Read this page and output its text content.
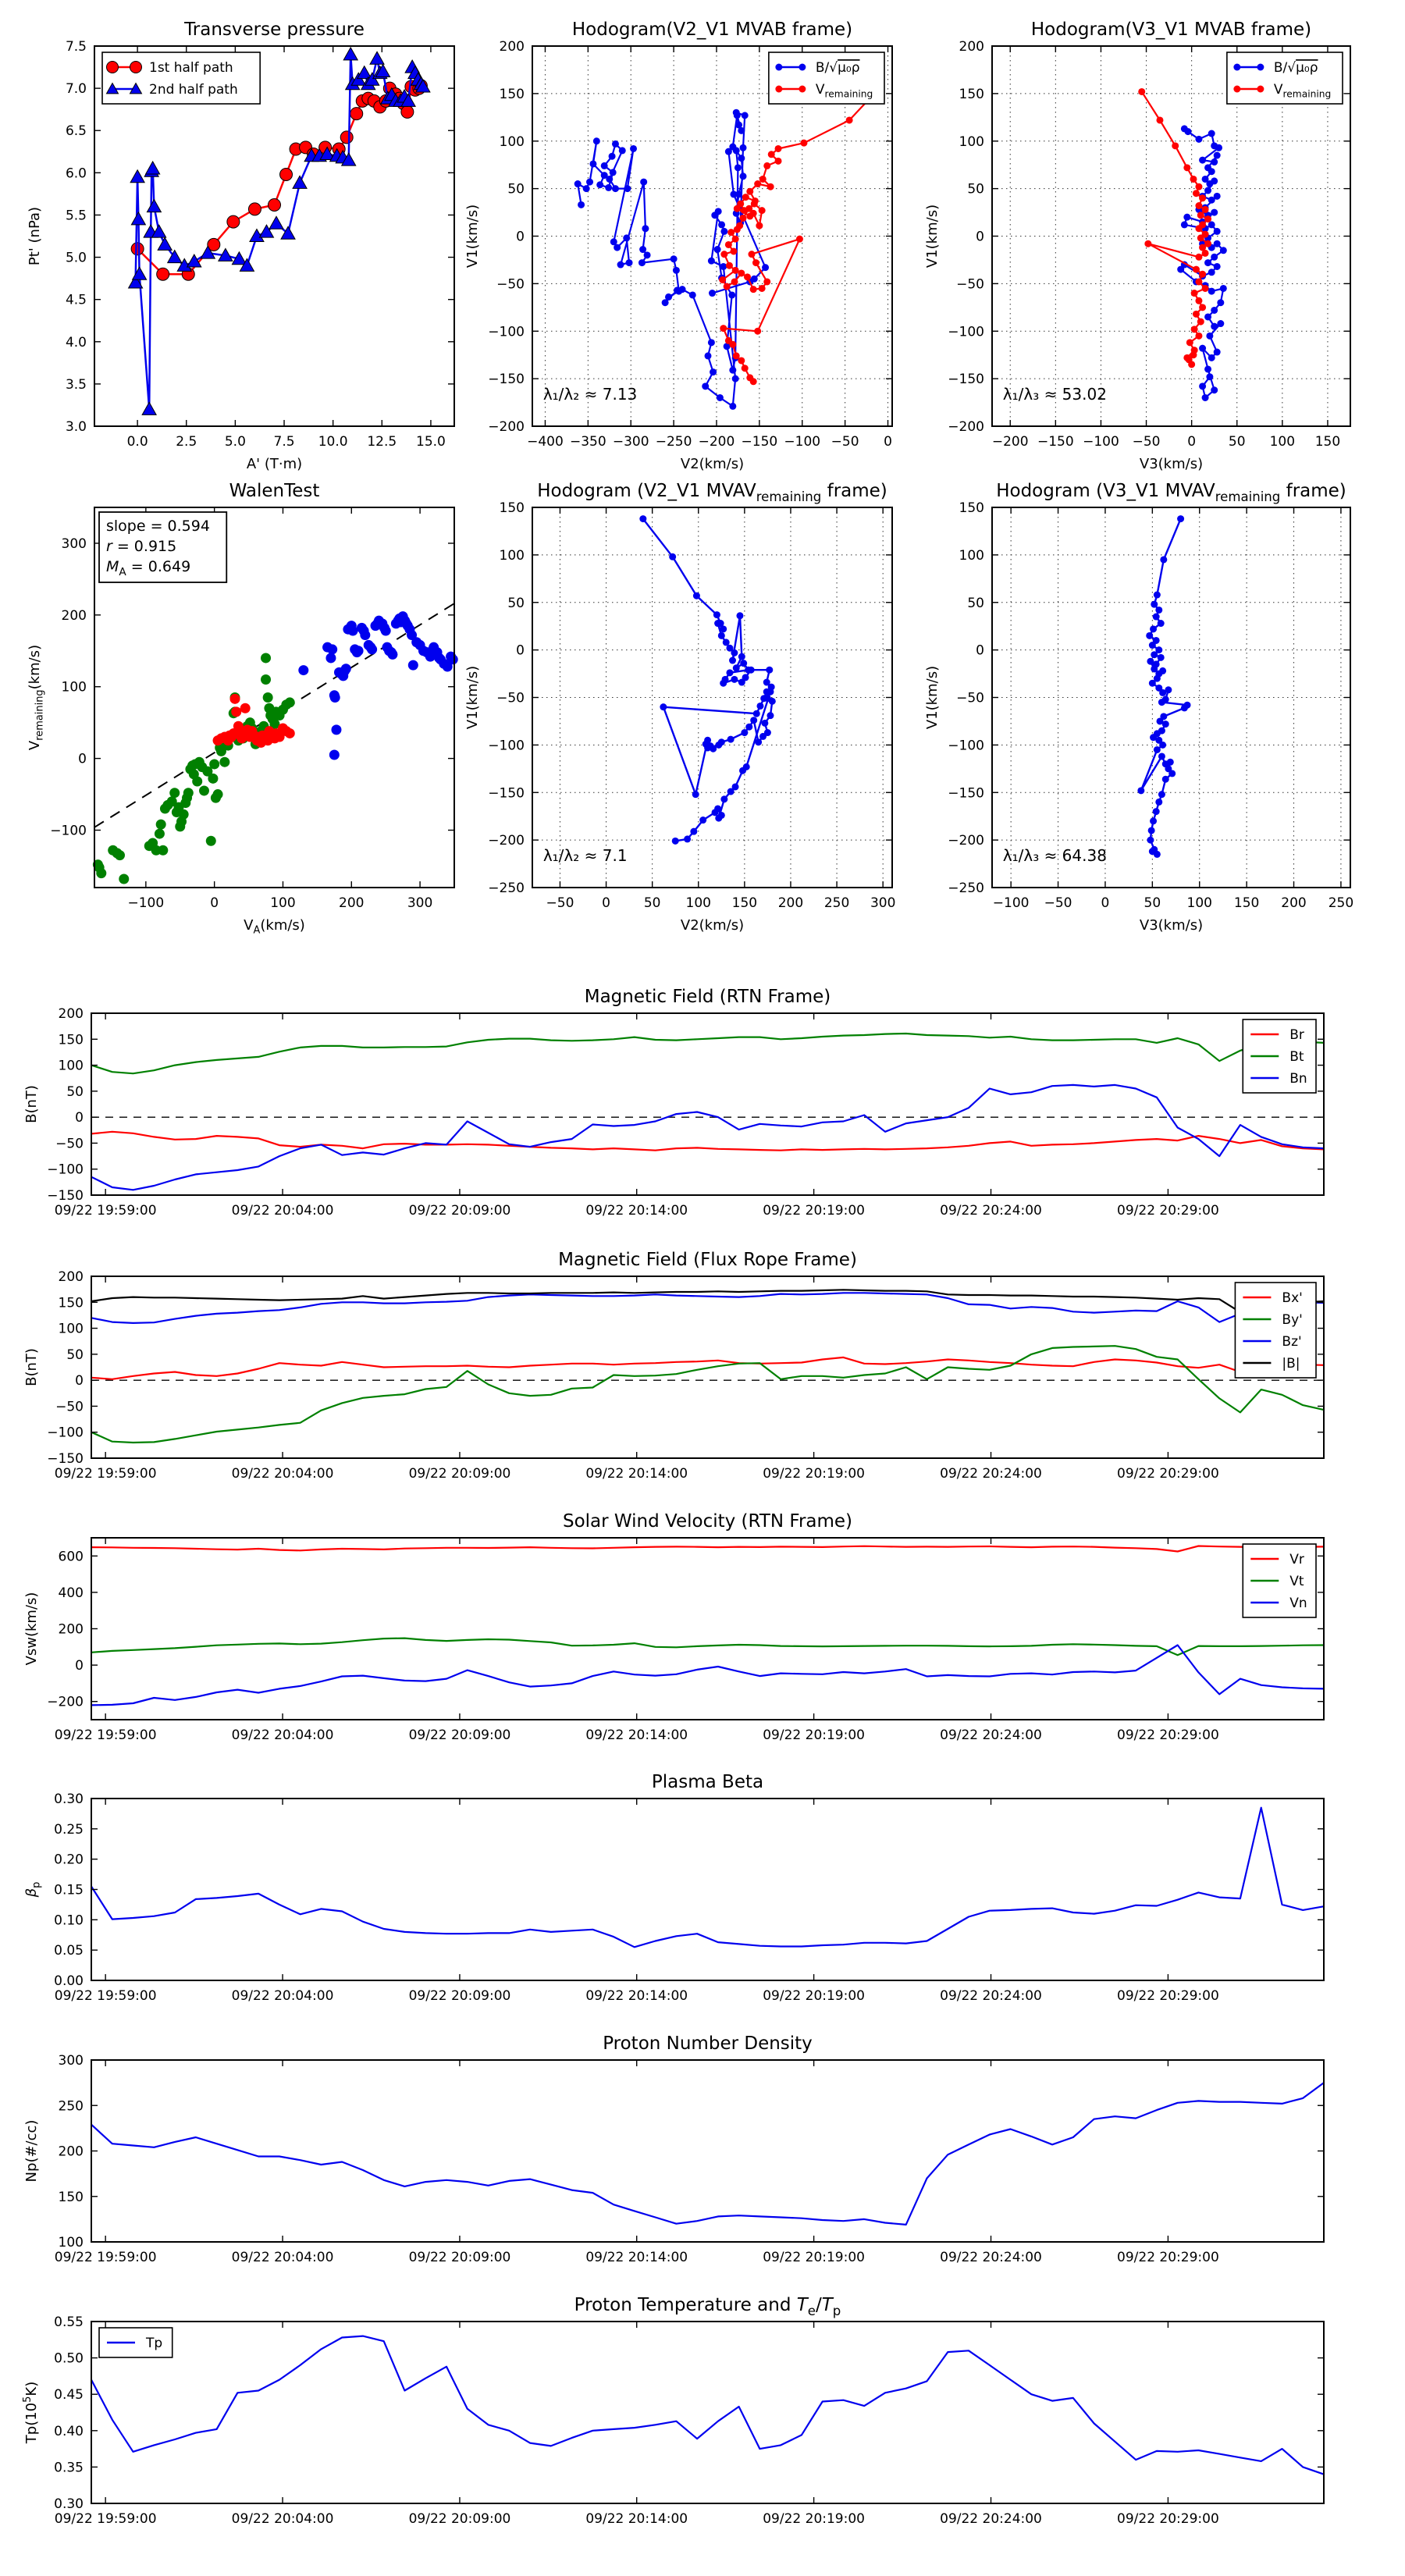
0.0 2.5 5.0 7.5 10.0 12.5 15.0
3.0
3.5
4.0
4.5
5.0
5.5
6.0
6.5
7.0
7.5
Transverse pressure
A' (T·m)
Pt' (nPa)
1st half path
2nd half path
−400 −350 −300 −250 −200 −150 −100 −50 0
−200
−150
−100
−50
0
50
100
150
200
Hodogram(V2_V1 MVAB frame)
V2(km/s)
V1(km/s)
B/√μ₀ρ
$V_{remaining}$
λ₁/λ₂ ≈ 7.13
−200 −150 −100 −50 0 50 100 150
−200
−150
−100
−50
0
50
100
150
200
Hodogram(V3_V1 MVAB frame)
V3(km/s)
V1(km/s)
B/√μ₀ρ
$V_{remaining}$
λ₁/λ₃ ≈ 53.02
−100	0	100	200	300
−100
0
100
200
300
WalenTest
$V_A(km/s)$
$V_{remaining}(km/s)$
slope = 0.594
r = 0.915
$M_A = 0.649$
−50 0	50 100 150 200 250 300
−250
−200
−150
−100
−50
0
50
100
150
Hodogram (V2_V1 $MVAV_{remaining}$ frame)
V2(km/s)
V1(km/s)
λ₁/λ₂ ≈ 7.1
−100 −50 0	50 100 150 200 250
−250
−200
−150
−100
−50
0
50
100
150
Hodogram (V3_V1 $MVAV_{remaining}$ frame)
V3(km/s)
V1(km/s)
λ₁/λ₃ ≈ 64.38
09/22 19:59:00	09/22 20:04:00	09/22 20:09:00	09/22 20:14:00	09/22 20:19:00	09/22 20:24:00	09/22 20:29:00
−150
−100
−50
0
50
100
150
200
Magnetic Field (RTN Frame)
B(nT)
Br
Bt
Bn
09/22 19:59:00	09/22 20:04:00	09/22 20:09:00	09/22 20:14:00	09/22 20:19:00	09/22 20:24:00	09/22 20:29:00
−150
−100
−50
0
50
100
150
200
Magnetic Field (Flux Rope Frame)
B(nT)
Bx'
By'
Bz'
|B|
09/22 19:59:00	09/22 20:04:00	09/22 20:09:00	09/22 20:14:00	09/22 20:19:00	09/22 20:24:00	09/22 20:29:00
−200
0
200
400
600
Solar Wind Velocity (RTN Frame)
Vsw(km/s)
Vr
Vt
Vn
09/22 19:59:00	09/22 20:04:00	09/22 20:09:00	09/22 20:14:00	09/22 20:19:00	09/22 20:24:00	09/22 20:29:00
0.00
0.05
0.10
0.15
0.20
0.25
0.30
Plasma Beta
$\beta_p$
09/22 19:59:00	09/22 20:04:00	09/22 20:09:00	09/22 20:14:00	09/22 20:19:00	09/22 20:24:00	09/22 20:29:00
100
150
200
250
300
Proton Number Density
Np(#/cc)
09/22 19:59:00	09/22 20:04:00	09/22 20:09:00	09/22 20:14:00	09/22 20:19:00	09/22 20:24:00	09/22 20:29:00
0.30
0.35
0.40
0.45
0.50
0.55
Proton Temperature and $T_e/T_p$
$Tp(10^5K)$
Tp
